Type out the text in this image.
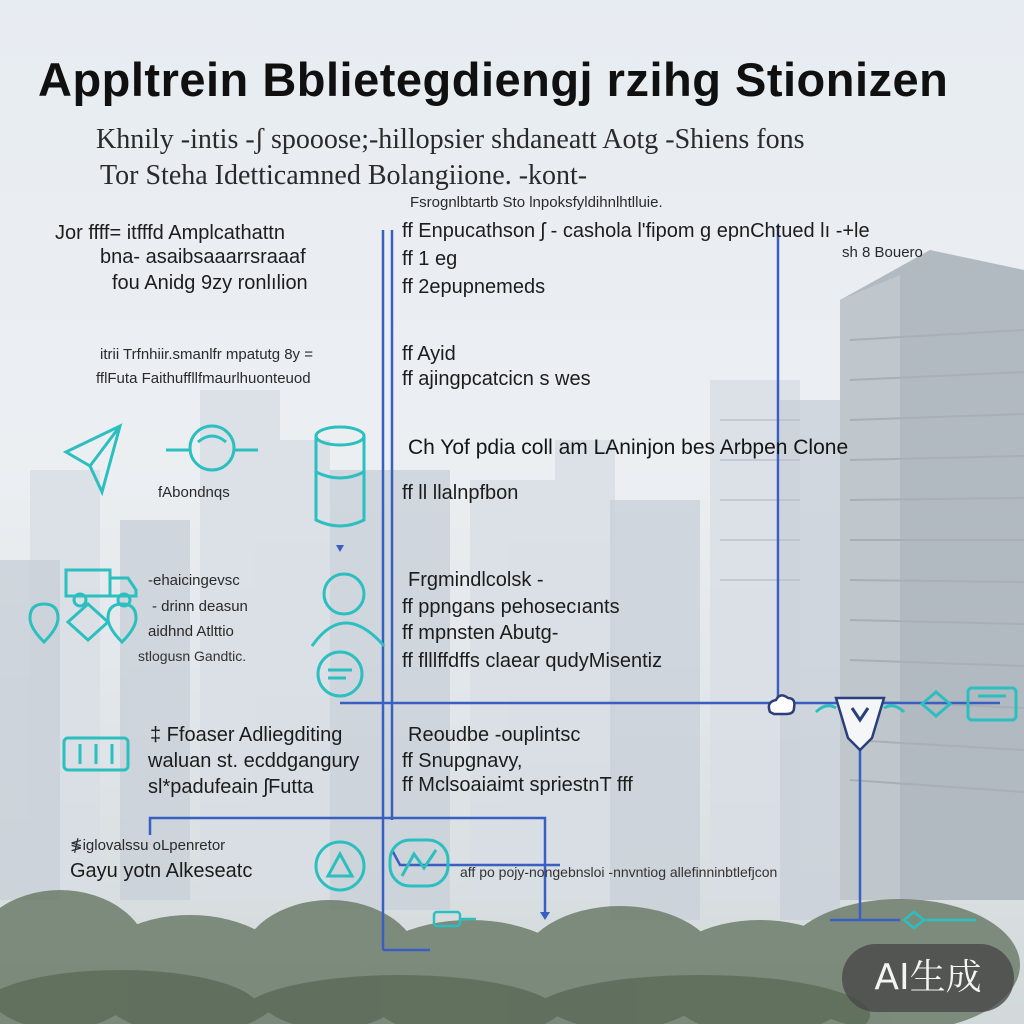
Appltrein Bblietegdiengj rzihg Stionizen
Khnily -intis -ʃ spooose;-hillopsier shdaneatt Aotg -Shiens fons
Tor Steha Idetticamned Bolangiione. -kont-
Fsrognlbtartb Sto lnpoksfyldihnlhtlluie.
Jor ffff= itfffd Amplcathattn
bna- asaibsaaarrsraaaf
fou Anidg 9zy ronlılion
itrii Trfnhiir.smanlfr mpatutg 8y =
fflFuta Faithuffllfmaurlhuonteuod
fAbondnqs
-ehaicingevsc
- drinn deasun
aidhnd Atlttio
stlogusn Gandtic.
‡ Ffoaser Adliegditing
waluan st. ecddgangury
sl*padufeain ʃFutta
≸iglovalssu oLpenretor
Gayu yotn Alkeseatc
ff Enpucathson ʃ - cashola l'fipom g epnChtued lı -+le
ff 1 eg
ff 2epupnemeds
sh 8 Bouero
ff Ayid
ff ajingpcatcicn s wes
Ch Yof pdia coll am LAninjon bes Arbpen Clone
ff ll llalnpfbon
Frgmindlcolsk -
ff ppngans pehosecıants
ff mpnsten Abutg-
ff flllffdffs claear qudyMisentiz
Reoudbe -ouplintsc
ff Snupgnavy,
ff Mclsoaiaimt spriestnT fff
aff po pojy-nongebnsloi -nnvntiog allefinninbtlefjcon
AI生成
